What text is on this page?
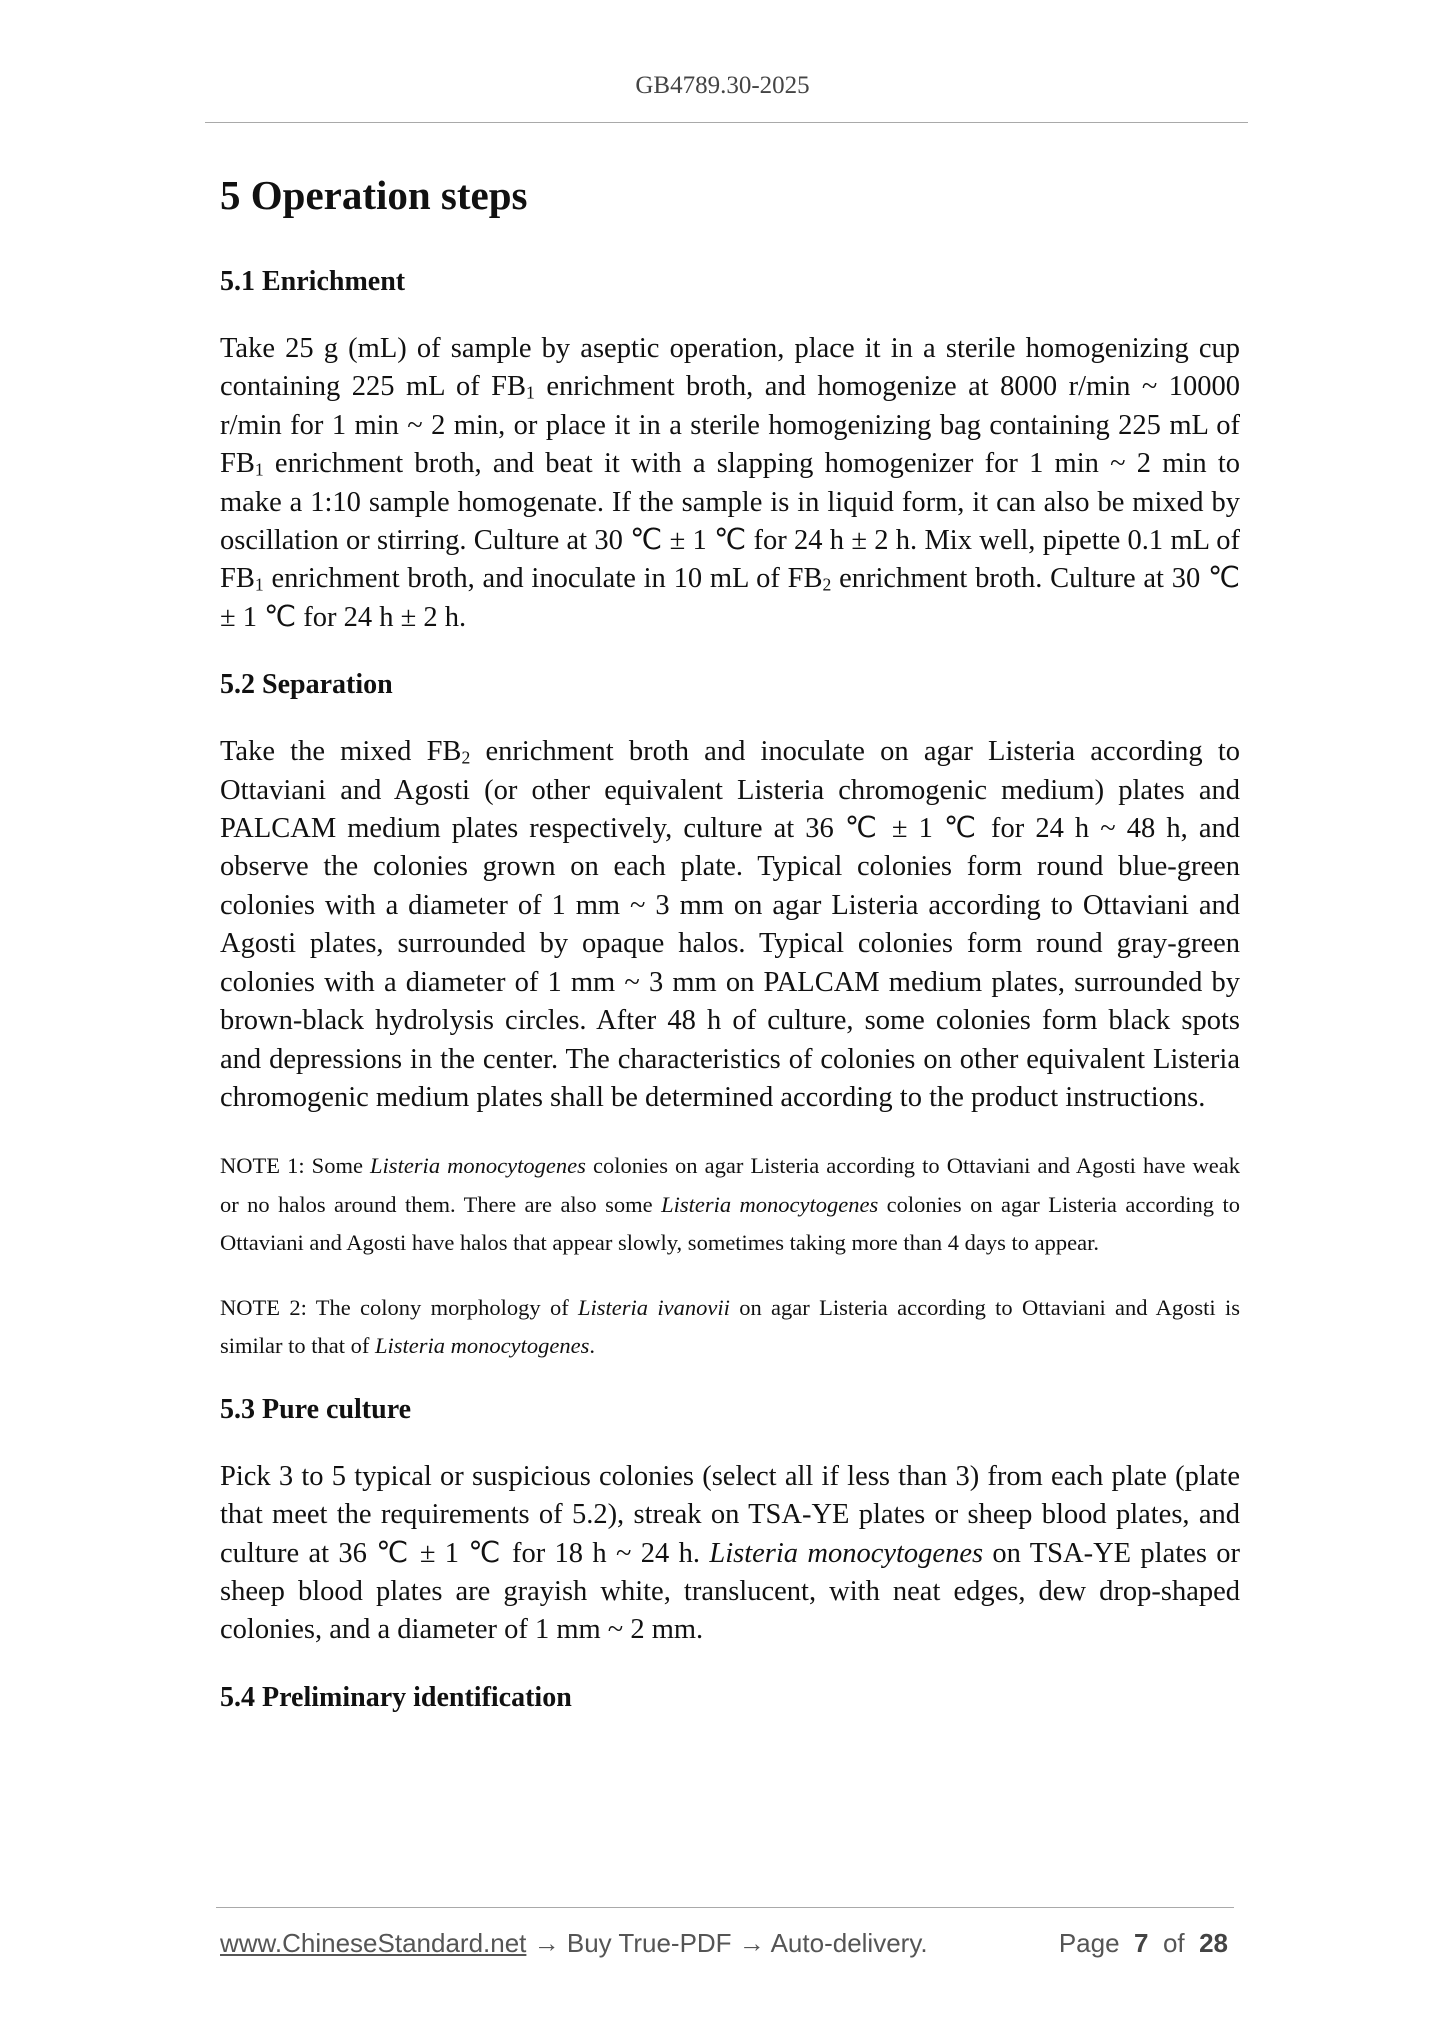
GB4789.30-2025
5 Operation steps
5.1 Enrichment

Take 25 g (mL) of sample by aseptic operation, place it in a sterile homogenizing cup containing 225 mL of $FB_1$ enrichment broth, and homogenize at 8000 r/min ~ 10000 r/min for 1 min ~ 2 min, or place it in a sterile homogenizing bag containing 225 mL of $FB_1$ enrichment broth, and beat it with a slapping homogenizer for 1 min ~ 2 min to make a 1:10 sample homogenate. If the sample is in liquid form, it can also be mixed by oscillation or stirring. Culture at 30 ℃ ± 1 ℃ for 24 h ± 2 h. Mix well, pipette 0.1 mL of $FB_1$ enrichment broth, and inoculate in 10 mL of $FB_2$ enrichment broth. Culture at 30 ℃ ± 1 ℃ for 24 h ± 2 h.

5.2 Separation

Take the mixed $FB_2$ enrichment broth and inoculate on agar Listeria according to Ottaviani and Agosti (or other equivalent Listeria chromogenic medium) plates and PALCAM medium plates respectively, culture at 36 ℃ ± 1 ℃ for 24 h ~ 48 h, and observe the colonies grown on each plate. Typical colonies form round blue-green colonies with a diameter of 1 mm ~ 3 mm on agar Listeria according to Ottaviani and Agosti plates, surrounded by opaque halos. Typical colonies form round gray-green colonies with a diameter of 1 mm ~ 3 mm on PALCAM medium plates, surrounded by brown-black hydrolysis circles. After 48 h of culture, some colonies form black spots and depressions in the center. The characteristics of colonies on other equivalent Listeria chromogenic medium plates shall be determined according to the product instructions.

NOTE 1: Some Listeria monocytogenes colonies on agar Listeria according to Ottaviani and Agosti have weak or no halos around them. There are also some Listeria monocytogenes colonies on agar Listeria according to Ottaviani and Agosti have halos that appear slowly, sometimes taking more than 4 days to appear.

NOTE 2: The colony morphology of Listeria ivanovii on agar Listeria according to Ottaviani and Agosti is similar to that of Listeria monocytogenes.

5.3 Pure culture

Pick 3 to 5 typical or suspicious colonies (select all if less than 3) from each plate (plate that meet the requirements of 5.2), streak on TSA-YE plates or sheep blood plates, and culture at 36 ℃ ± 1 ℃ for 18 h ~ 24 h. Listeria monocytogenes on TSA-YE plates or sheep blood plates are grayish white, translucent, with neat edges, dew drop-shaped colonies, and a diameter of 1 mm ~ 2 mm.

5.4 Preliminary identification
www.ChineseStandard.net → Buy True-PDF → Auto-delivery.	Page 7 of 28
